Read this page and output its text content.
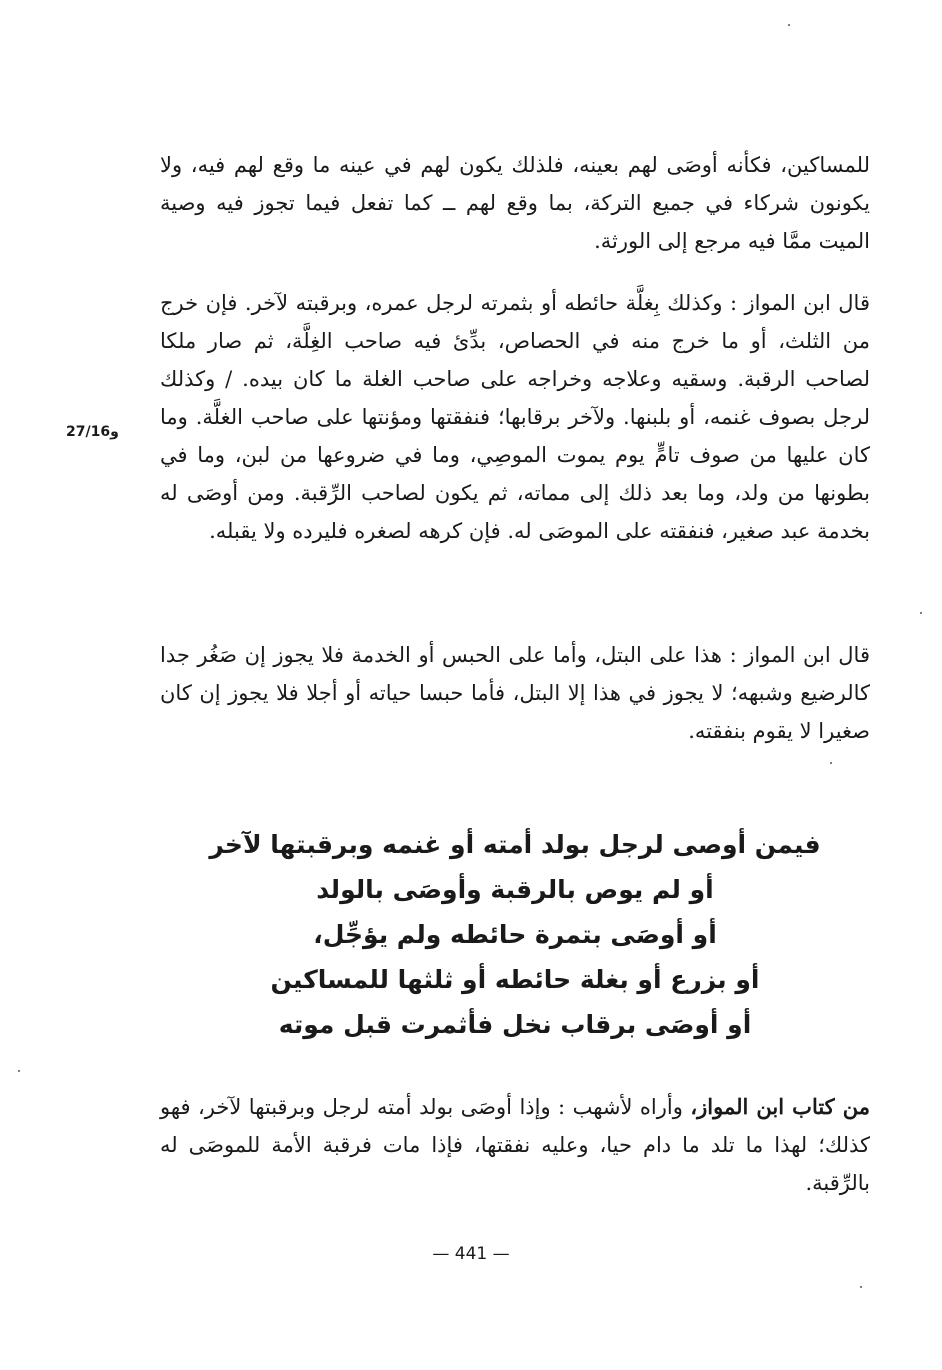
للمساكين، فكأنه أوصَى لهم بعينه، فلذلك يكون لهم في عينه ما وقع لهم فيه، ولا يكونون شركاء في جميع التركة، بما وقع لهم ــ كما تفعل فيما تجوز فيه وصية الميت ممَّا فيه مرجع إلى الورثة.

قال ابن المواز : وكذلك بِغلَّة حائطه أو بثمرته لرجل عمره، وبرقبته لآخر. فإن خرج من الثلث، أو ما خرج منه في الحصاص، بدِّئ فيه صاحب الغِلَّة، ثم صار ملكا لصاحب الرقبة. وسقيه وعلاجه وخراجه على صاحب الغلة ما كان بيده. / وكذلك لرجل بصوف غنمه، أو بلبنها. ولآخر برقابها؛ فنفقتها ومؤنتها على صاحب الغلَّة. وما كان عليها من صوف تامٍّ يوم يموت الموصِي، وما في ضروعها من لبن، وما في بطونها من ولد، وما بعد ذلك إلى مماته، ثم يكون لصاحب الرِّقبة. ومن أوصَى له بخدمة عبد صغير، فنفقته على الموصَى له. فإن كرهه لصغره فليرده ولا يقبله.

27/16و

قال ابن المواز : هذا على البتل، وأما على الحبس أو الخدمة فلا يجوز إن صَغُر جدا كالرضيع وشبهه؛ لا يجوز في هذا إلا البتل، فأما حبسا حياته أو أجلا فلا يجوز إن كان صغيرا لا يقوم بنفقته.

فيمن أوصى لرجل بولد أمته أو غنمه وبرقبتها لآخر
أو لم يوص بالرقبة وأوصَى بالولد
أو أوصَى بتمرة حائطه ولم يؤجِّل،
أو بزرع أو بغلة حائطه أو ثلثها للمساكين
أو أوصَى برقاب نخل فأثمرت قبل موته

من كتاب ابن المواز، وأراه لأشهب : وإذا أوصَى بولد أمته لرجل وبرقبتها لآخر، فهو كذلك؛ لهذا ما تلد ما دام حيا، وعليه نفقتها، فإذا مات فرقبة الأمة للموصَى له بالرِّقبة.

— 441 —
